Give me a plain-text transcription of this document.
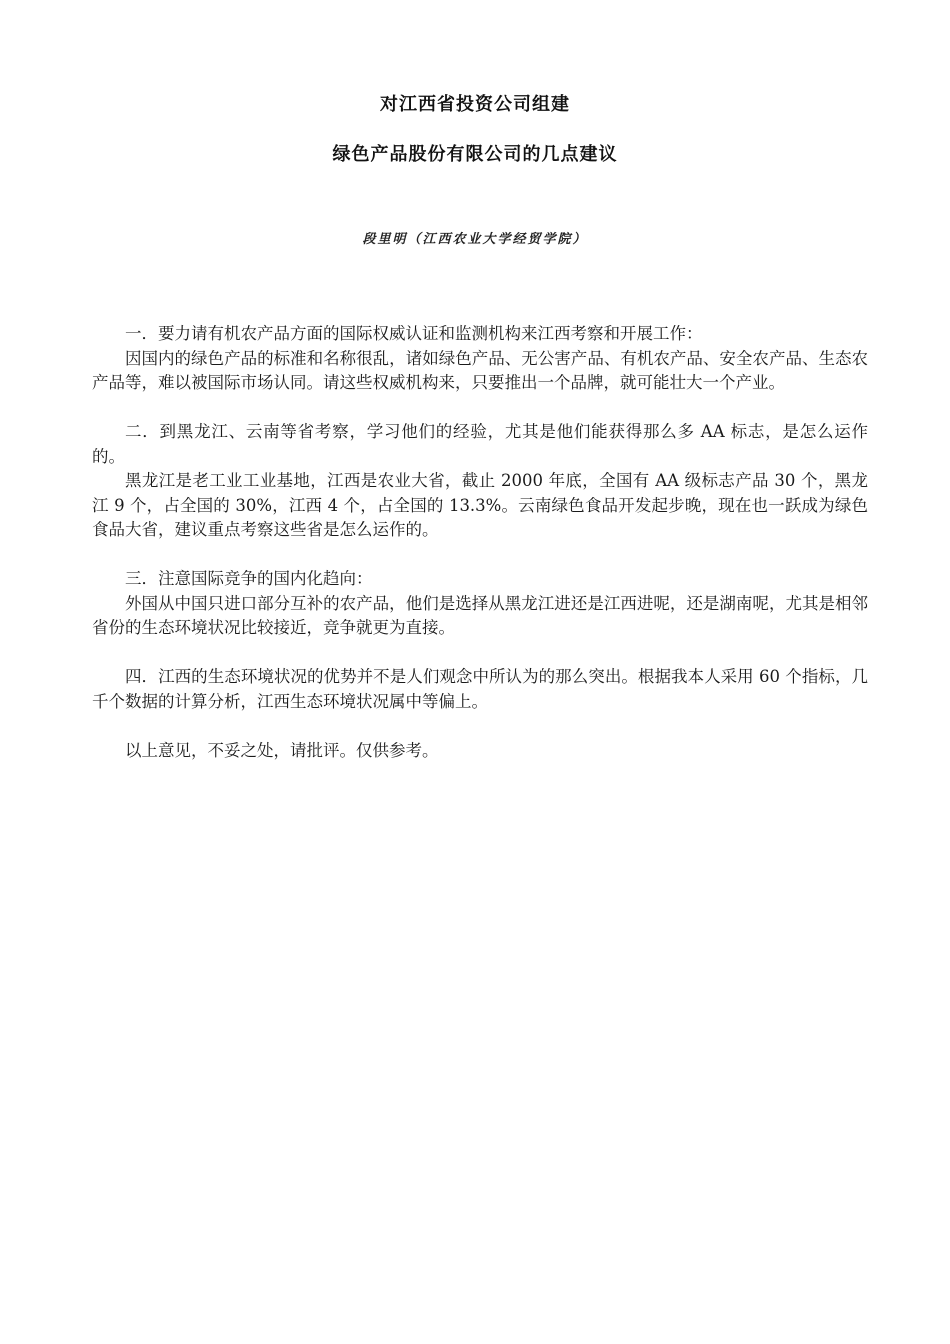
对江西省投资公司组建
绿色产品股份有限公司的几点建议

段里明（江西农业大学经贸学院）

一．要力请有机农产品方面的国际权威认证和监测机构来江西考察和开展工作：

因国内的绿色产品的标准和名称很乱，诸如绿色产品、无公害产品、有机农产品、安全农产品、生态农产品等，难以被国际市场认同。请这些权威机构来，只要推出一个品牌，就可能壮大一个产业。

二．到黑龙江、云南等省考察，学习他们的经验，尤其是他们能获得那么多 AA 标志，是怎么运作的。

黑龙江是老工业工业基地，江西是农业大省，截止 2000 年底，全国有 AA 级标志产品 30 个，黑龙江 9 个，占全国的 30%，江西 4 个，占全国的 13.3%。云南绿色食品开发起步晚，现在也一跃成为绿色食品大省，建议重点考察这些省是怎么运作的。

三．注意国际竞争的国内化趋向：

外国从中国只进口部分互补的农产品，他们是选择从黑龙江进还是江西进呢，还是湖南呢，尤其是相邻省份的生态环境状况比较接近，竞争就更为直接。

四．江西的生态环境状况的优势并不是人们观念中所认为的那么突出。根据我本人采用 60 个指标，几千个数据的计算分析，江西生态环境状况属中等偏上。

以上意见，不妥之处，请批评。仅供参考。
